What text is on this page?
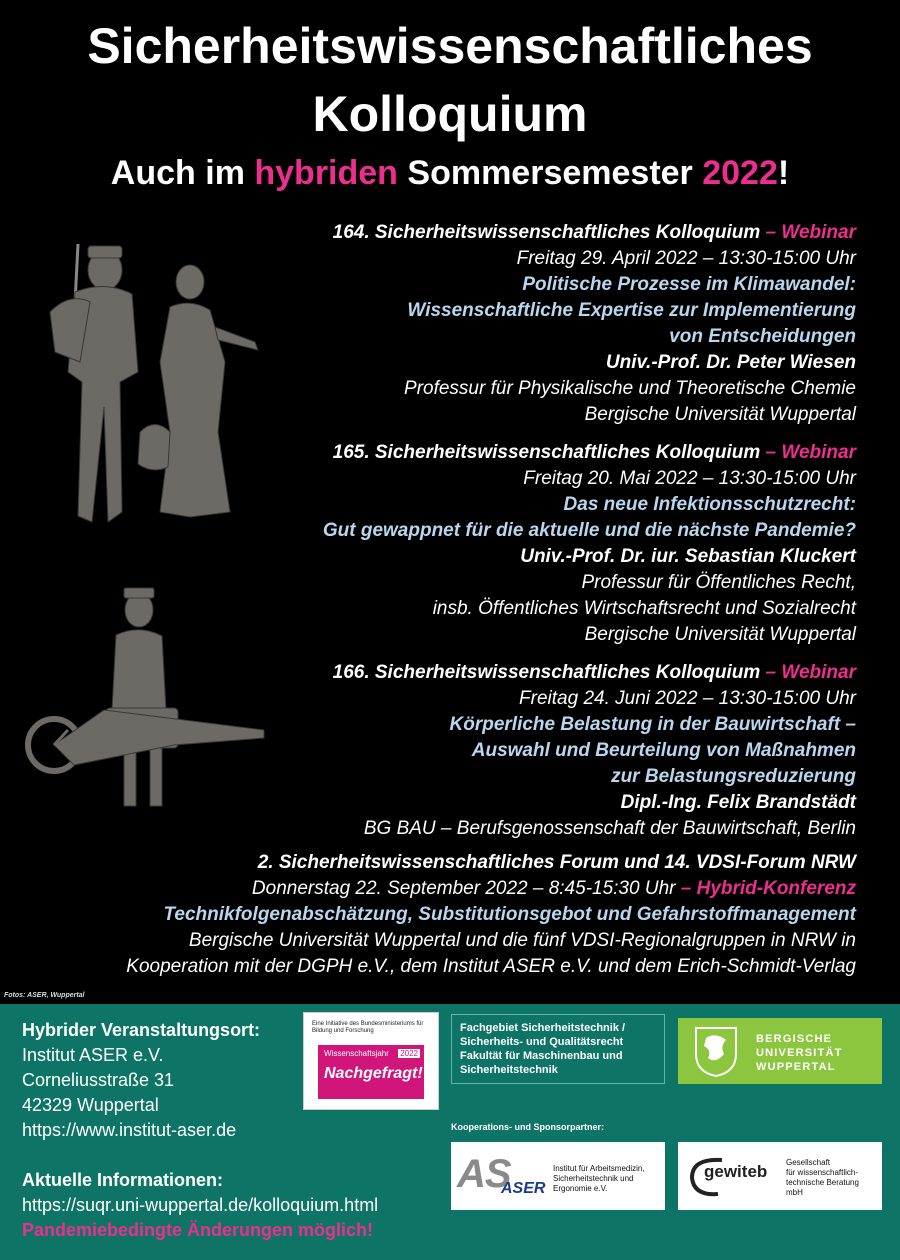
Sicherheitswissenschaftliches
Kolloquium
Auch im hybriden Sommersemester 2022!
164. Sicherheitswissenschaftliches Kolloquium – Webinar
Freitag 29. April 2022 – 13:30-15:00 Uhr
Politische Prozesse im Klimawandel:
Wissenschaftliche Expertise zur Implementierung
von Entscheidungen
Univ.-Prof. Dr. Peter Wiesen
Professur für Physikalische und Theoretische Chemie
Bergische Universität Wuppertal
165. Sicherheitswissenschaftliches Kolloquium – Webinar
Freitag 20. Mai 2022 – 13:30-15:00 Uhr
Das neue Infektionsschutzrecht:
Gut gewappnet für die aktuelle und die nächste Pandemie?
Univ.-Prof. Dr. iur. Sebastian Kluckert
Professur für Öffentliches Recht,
insb. Öffentliches Wirtschaftsrecht und Sozialrecht
Bergische Universität Wuppertal
166. Sicherheitswissenschaftliches Kolloquium – Webinar
Freitag 24. Juni 2022 – 13:30-15:00 Uhr
Körperliche Belastung in der Bauwirtschaft –
Auswahl und Beurteilung von Maßnahmen
zur Belastungsreduzierung
Dipl.-Ing. Felix Brandstädt
BG BAU – Berufsgenossenschaft der Bauwirtschaft, Berlin
2. Sicherheitswissenschaftliches Forum und 14. VDSI-Forum NRW
Donnerstag 22. September 2022 – 8:45-15:30 Uhr – Hybrid-Konferenz
Technikfolgenabschätzung, Substitutionsgebot und Gefahrstoffmanagement
Bergische Universität Wuppertal und die fünf VDSI-Regionalgruppen in NRW in
Kooperation mit der DGPH e.V., dem Institut ASER e.V. und dem Erich-Schmidt-Verlag
Fotos: ASER, Wuppertal
Hybrider Veranstaltungsort:
Institut ASER e.V.
Corneliusstraße 31
42329 Wuppertal
https://www.institut-aser.de
Aktuelle Informationen:
https://suqr.uni-wuppertal.de/kolloquium.html
Pandemiebedingte Änderungen möglich!
Eine Initiative des Bundesministeriums für Bildung und Forschung
Wissenschaftsjahr 2022
Nachgefragt!
Fachgebiet Sicherheitstechnik /
Sicherheits- und Qualitätsrecht
Fakultät für Maschinenbau und
Sicherheitstechnik
BERGISCHE
UNIVERSITÄT
WUPPERTAL
Kooperations- und Sponsorpartner:
AS
ASER
Institut für Arbeitsmedizin,
Sicherheitstechnik und
Ergonomie e.V.
gewiteb Gesellschaft
für wissenschaftlich-
technische Beratung mbH
